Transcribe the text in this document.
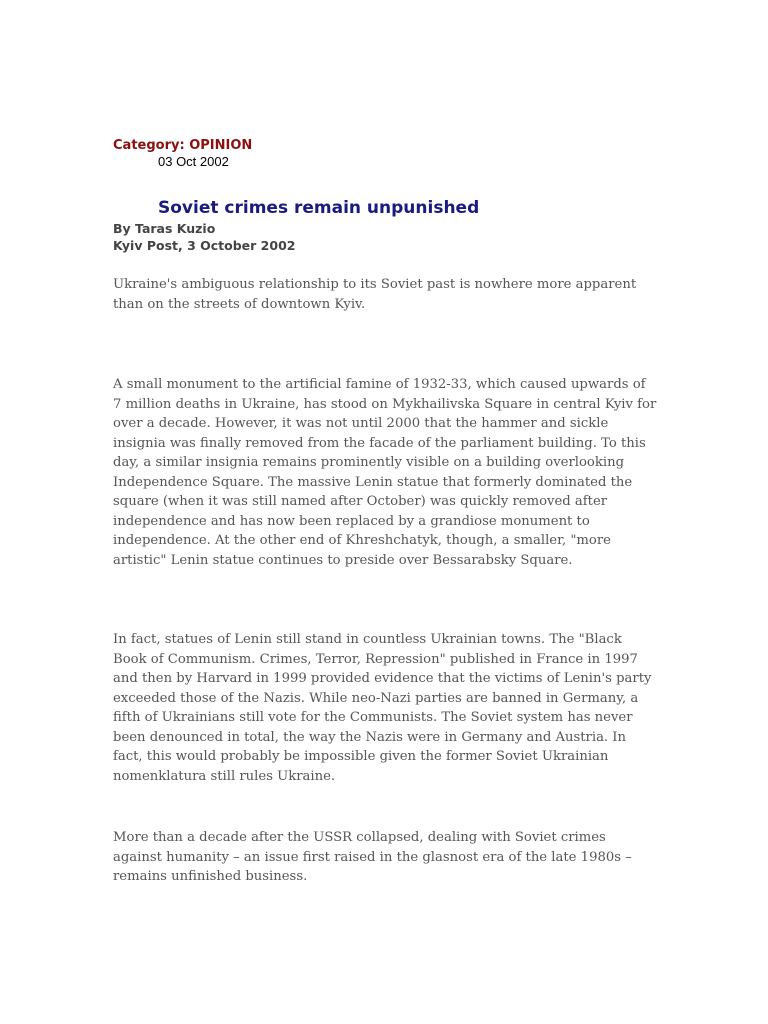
Category: OPINION
03 Oct 2002
Soviet crimes remain unpunished
By Taras Kuzio
Kyiv Post, 3 October 2002

Ukraine's ambiguous relationship to its Soviet past is nowhere more apparent than on the streets of downtown Kyiv.

A small monument to the artificial famine of 1932-33, which caused upwards of 7 million deaths in Ukraine, has stood on Mykhailivska Square in central Kyiv for over a decade. However, it was not until 2000 that the hammer and sickle insignia was finally removed from the facade of the parliament building. To this day, a similar insignia remains prominently visible on a building overlooking Independence Square. The massive Lenin statue that formerly dominated the square (when it was still named after October) was quickly removed after independence and has now been replaced by a grandiose monument to independence. At the other end of Khreshchatyk, though, a smaller, "more artistic" Lenin statue continues to preside over Bessarabsky Square.

In fact, statues of Lenin still stand in countless Ukrainian towns. The "Black Book of Communism. Crimes, Terror, Repression" published in France in 1997 and then by Harvard in 1999 provided evidence that the victims of Lenin's party exceeded those of the Nazis. While neo-Nazi parties are banned in Germany, a fifth of Ukrainians still vote for the Communists. The Soviet system has never been denounced in total, the way the Nazis were in Germany and Austria. In fact, this would probably be impossible given the former Soviet Ukrainian nomenklatura still rules Ukraine.

More than a decade after the USSR collapsed, dealing with Soviet crimes against humanity – an issue first raised in the glasnost era of the late 1980s – remains unfinished business.
